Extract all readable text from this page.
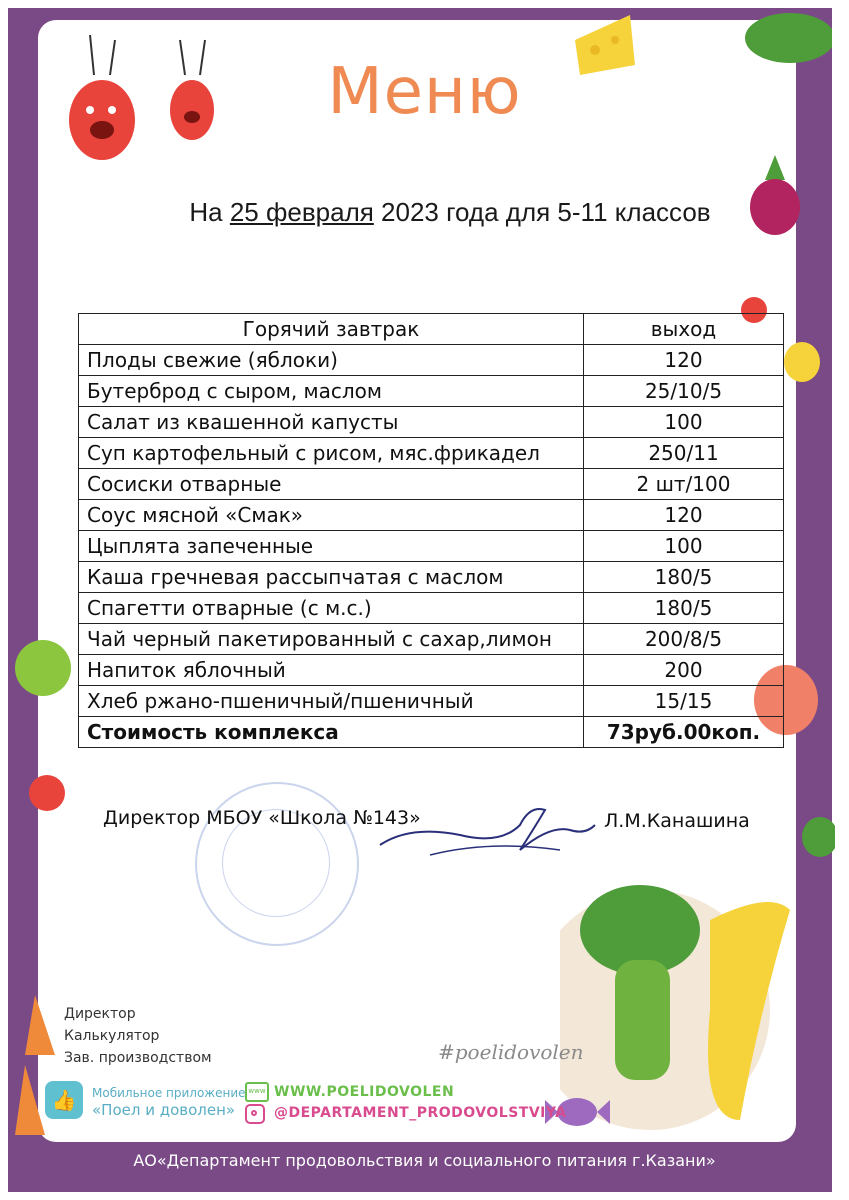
Меню
На 25 февраля 2023 года для 5-11 классов
Горячий завтрак	выход
Плоды свежие (яблоки)	120
Бутерброд с сыром, маслом	25/10/5
Салат из квашенной капусты	100
Суп картофельный с рисом, мяс.фрикадел	250/11
Сосиски отварные	2 шт/100
Соус мясной «Смак»	120
Цыплята запеченные	100
Каша гречневая рассыпчатая с маслом	180/5
Спагетти отварные (с м.с.)	180/5
Чай черный пакетированный с сахар,лимон	200/8/5
Напиток яблочный	200
Хлеб ржано-пшеничный/пшеничный	15/15
Стоимость комплекса	73руб.00коп.
Директор МБОУ «Школа №143»	Л.М.Канашина
Директор
Калькулятор
Зав. производством	#poelidovolen
👍	Мобильное приложение
«Поел и доволен»
www WWW.POELIDOVOLEN
@DEPARTAMENT_PRODOVOLSTVIYA
АО«Департамент продовольствия и социального питания г.Казани»
